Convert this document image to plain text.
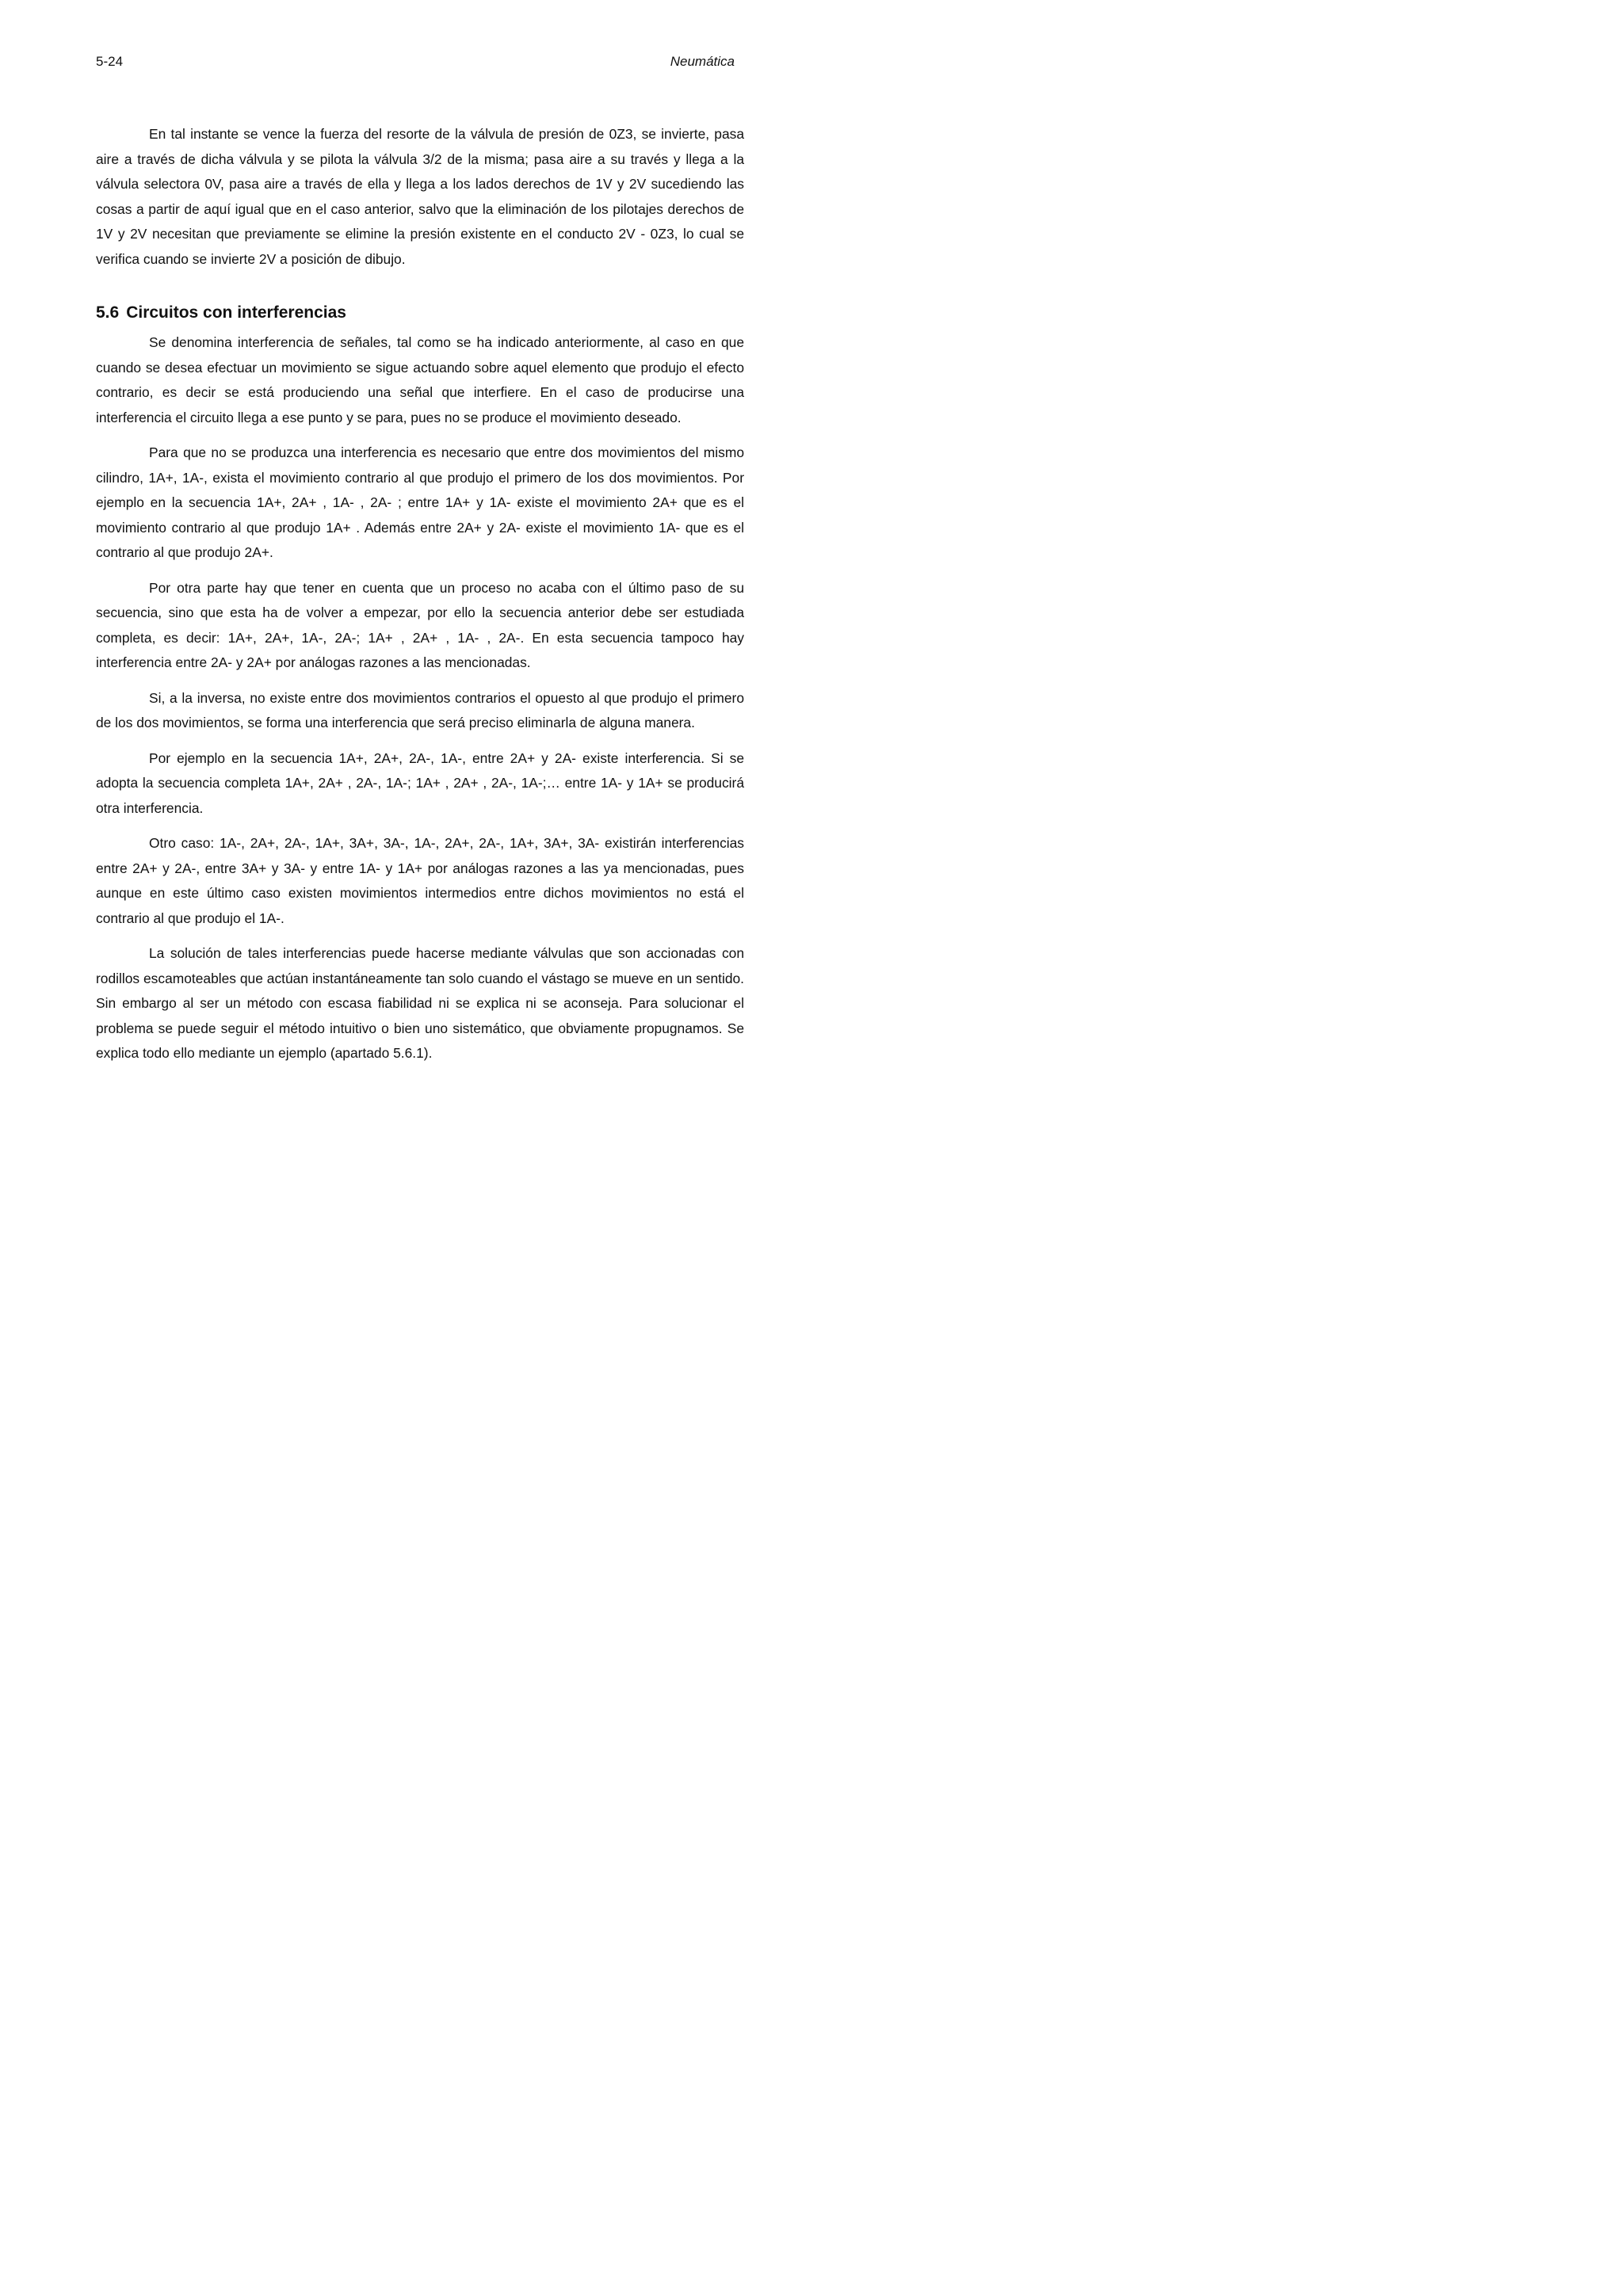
5-24	Neumática

En tal instante se vence la fuerza del resorte de la válvula de presión de 0Z3, se invierte, pasa aire a través de dicha válvula y se pilota la válvula 3/2 de la misma; pasa aire a su través y llega a la válvula selectora 0V, pasa aire a través de ella y llega a los lados derechos de 1V y 2V sucediendo las cosas a partir de aquí igual que en el caso anterior, salvo que la eliminación de los pilotajes derechos de 1V y 2V necesitan que previamente se elimine la presión existente en el conducto 2V - 0Z3, lo cual se verifica cuando se invierte 2V a posición de dibujo.

5.6 Circuitos con interferencias

Se denomina interferencia de señales, tal como se ha indicado anteriormente, al caso en que cuando se desea efectuar un movimiento se sigue actuando sobre aquel elemento que produjo el efecto contrario, es decir se está produciendo una señal que interfiere. En el caso de producirse una interferencia el circuito llega a ese punto y se para, pues no se produce el movimiento deseado.

Para que no se produzca una interferencia es necesario que entre dos movimientos del mismo cilindro, 1A+, 1A-, exista el movimiento contrario al que produjo el primero de los dos movimientos. Por ejemplo en la secuencia 1A+, 2A+ , 1A- , 2A- ; entre 1A+ y 1A- existe el movimiento 2A+ que es el movimiento contrario al que produjo 1A+ . Además entre 2A+ y 2A- existe el movimiento 1A- que es el contrario al que produjo 2A+.

Por otra parte hay que tener en cuenta que un proceso no acaba con el último paso de su secuencia, sino que esta ha de volver a empezar, por ello la secuencia anterior debe ser estudiada completa, es decir: 1A+, 2A+, 1A-, 2A-; 1A+ , 2A+ , 1A- , 2A-. En esta secuencia tampoco hay interferencia entre 2A- y 2A+ por análogas razones a las mencionadas.

Si, a la inversa, no existe entre dos movimientos contrarios el opuesto al que produjo el primero de los dos movimientos, se forma una interferencia que será preciso eliminarla de alguna manera.

Por ejemplo en la secuencia 1A+, 2A+, 2A-, 1A-, entre 2A+ y 2A- existe interferencia. Si se adopta la secuencia completa 1A+, 2A+ , 2A-, 1A-; 1A+ , 2A+ , 2A-, 1A-;… entre 1A- y 1A+ se producirá otra interferencia.

Otro caso: 1A-, 2A+, 2A-, 1A+, 3A+, 3A-, 1A-, 2A+, 2A-, 1A+, 3A+, 3A- existirán interferencias entre 2A+ y 2A-, entre 3A+ y 3A- y entre 1A- y 1A+ por análogas razones a las ya mencionadas, pues aunque en este último caso existen movimientos intermedios entre dichos movimientos no está el contrario al que produjo el 1A-.

La solución de tales interferencias puede hacerse mediante válvulas que son accionadas con rodillos escamoteables que actúan instantáneamente tan solo cuando el vástago se mueve en un sentido. Sin embargo al ser un método con escasa fiabilidad ni se explica ni se aconseja. Para solucionar el problema se puede seguir el método intuitivo o bien uno sistemático, que obviamente propugnamos. Se explica todo ello mediante un ejemplo (apartado 5.6.1).
